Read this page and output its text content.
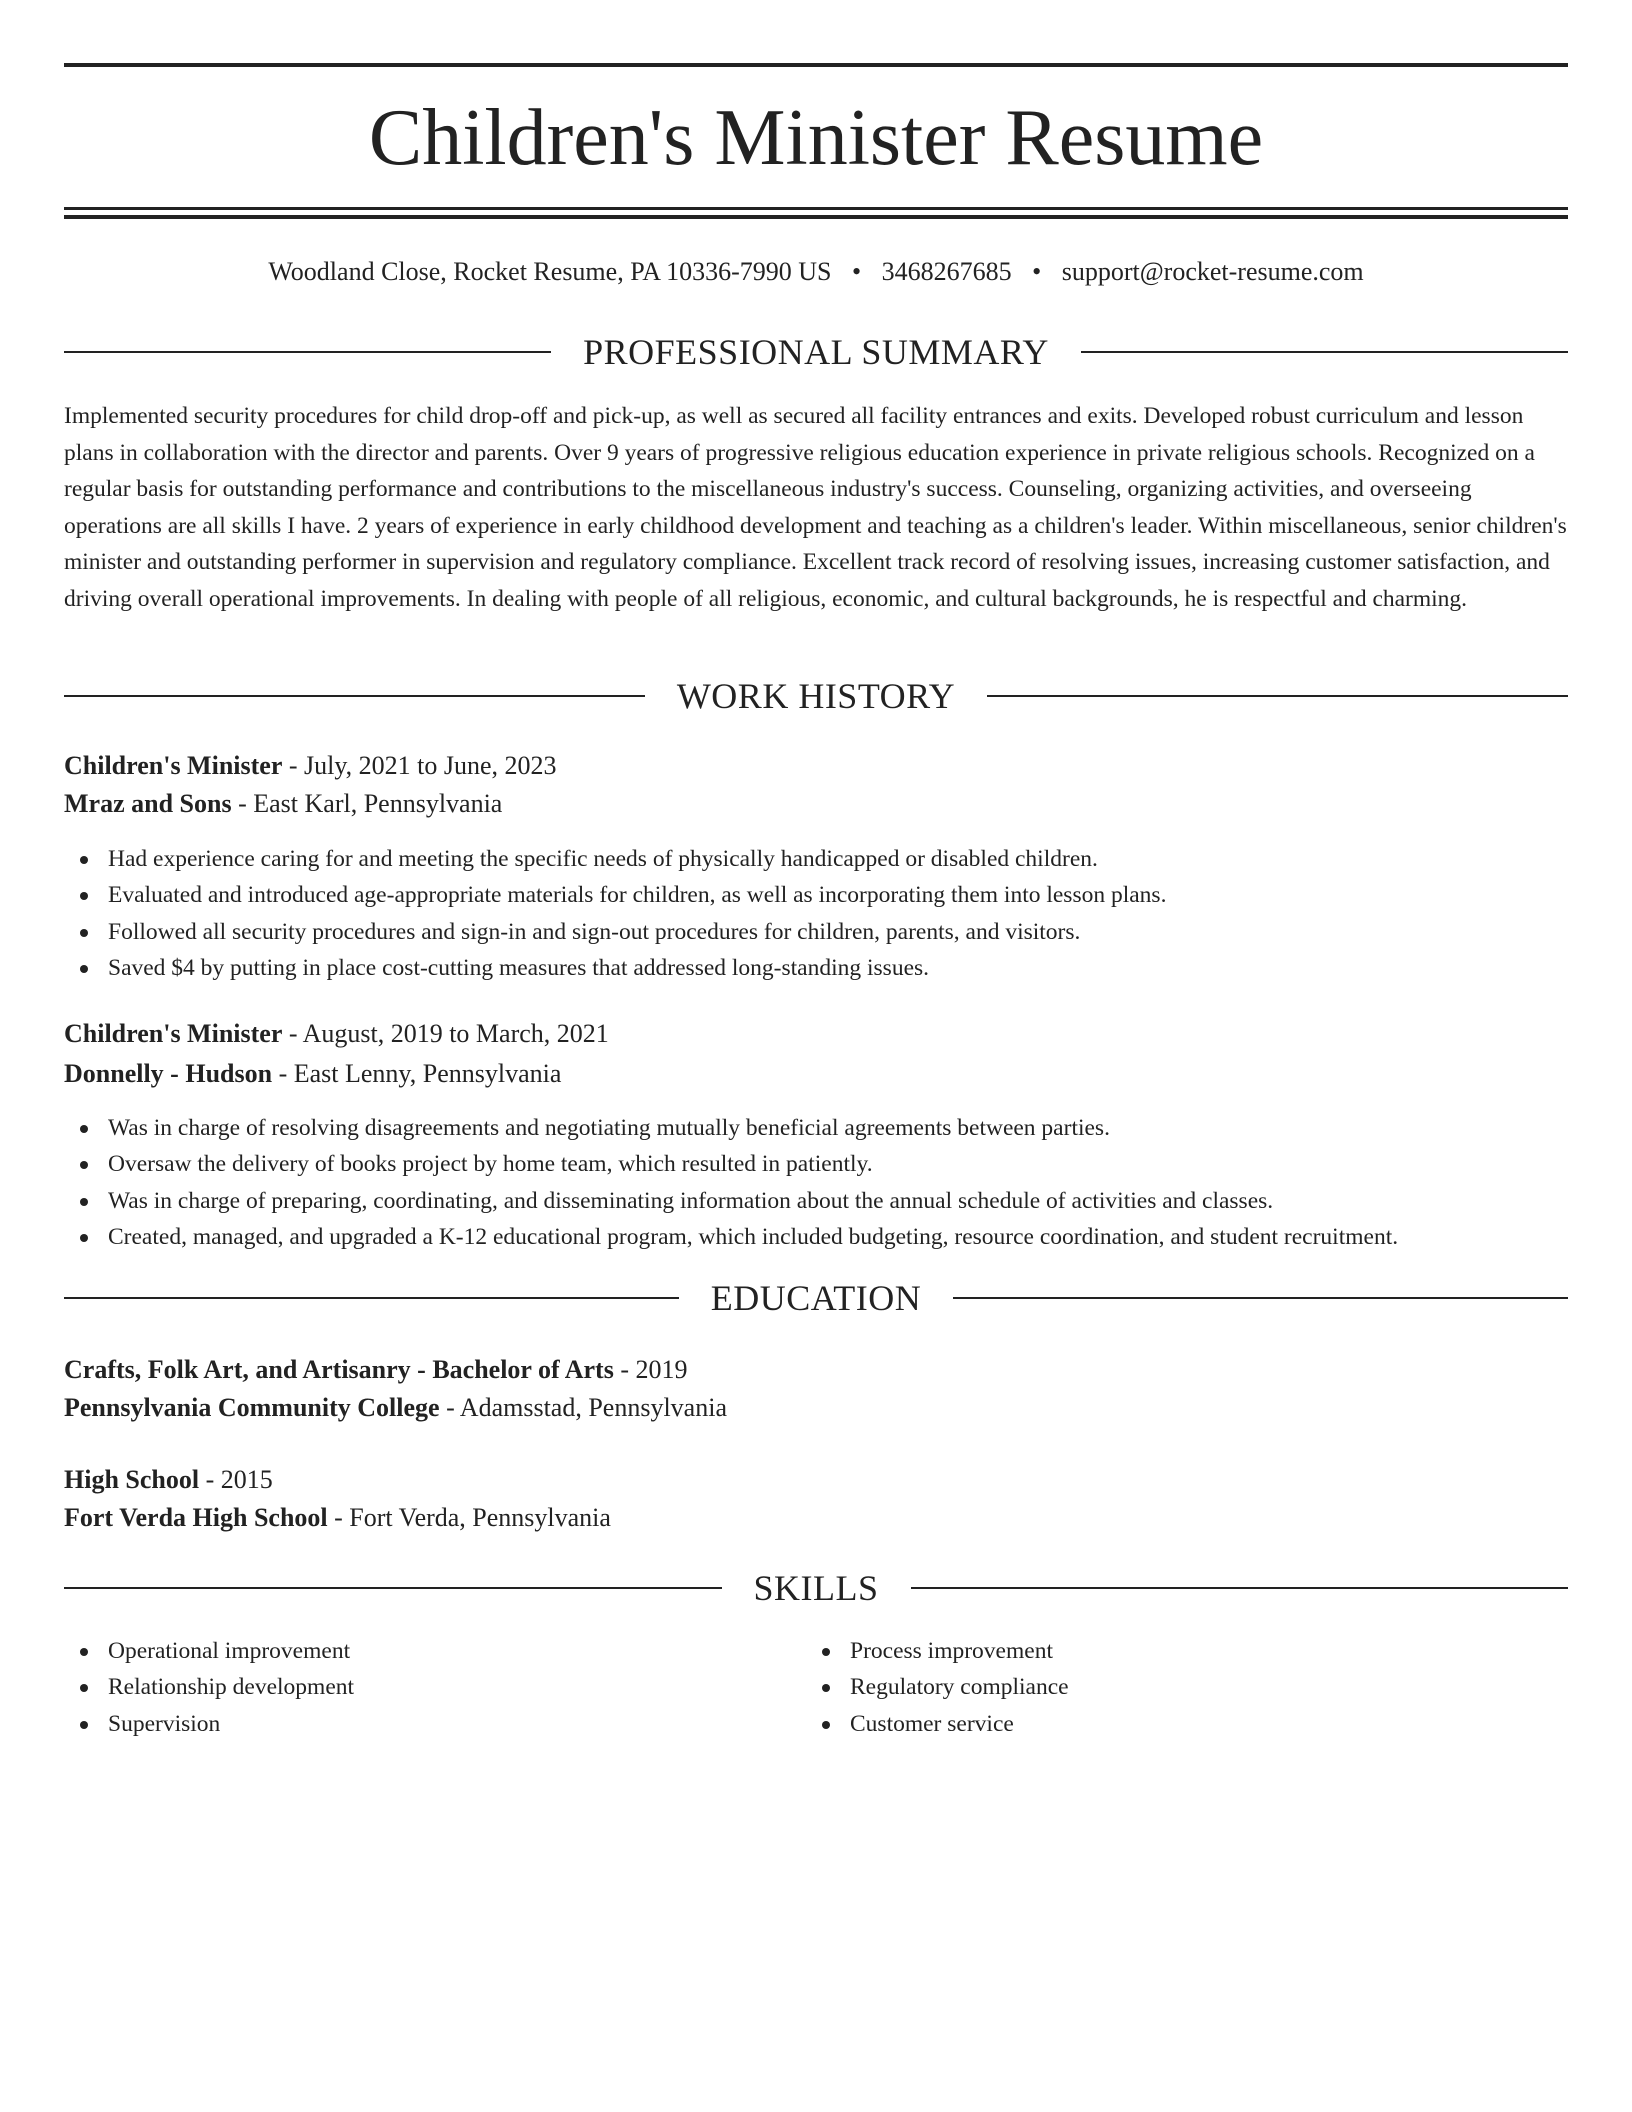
Children's Minister Resume
Woodland Close, Rocket Resume, PA 10336-7990 US • 3468267685 • support@rocket-resume.com
PROFESSIONAL SUMMARY

Implemented security procedures for child drop-off and pick-up, as well as secured all facility entrances and exits. Developed robust curriculum and lesson plans in collaboration with the director and parents. Over 9 years of progressive religious education experience in private religious schools. Recognized on a regular basis for outstanding performance and contributions to the miscellaneous industry's success. Counseling, organizing activities, and overseeing operations are all skills I have. 2 years of experience in early childhood development and teaching as a children's leader. Within miscellaneous, senior children's minister and outstanding performer in supervision and regulatory compliance. Excellent track record of resolving issues, increasing customer satisfaction, and driving overall operational improvements. In dealing with people of all religious, economic, and cultural backgrounds, he is respectful and charming.

WORK HISTORY
Children's Minister - July, 2021 to June, 2023
Mraz and Sons - East Karl, Pennsylvania
Had experience caring for and meeting the specific needs of physically handicapped or disabled children.
Evaluated and introduced age-appropriate materials for children, as well as incorporating them into lesson plans.
Followed all security procedures and sign-in and sign-out procedures for children, parents, and visitors.
Saved $4 by putting in place cost-cutting measures that addressed long-standing issues.
Children's Minister - August, 2019 to March, 2021
Donnelly - Hudson - East Lenny, Pennsylvania
Was in charge of resolving disagreements and negotiating mutually beneficial agreements between parties.
Oversaw the delivery of books project by home team, which resulted in patiently.
Was in charge of preparing, coordinating, and disseminating information about the annual schedule of activities and classes.
Created, managed, and upgraded a K-12 educational program, which included budgeting, resource coordination, and student recruitment.
EDUCATION
Crafts, Folk Art, and Artisanry - Bachelor of Arts - 2019
Pennsylvania Community College - Adamsstad, Pennsylvania
High School - 2015
Fort Verda High School - Fort Verda, Pennsylvania
SKILLS
Operational improvement
Relationship development
Supervision
Process improvement
Regulatory compliance
Customer service
